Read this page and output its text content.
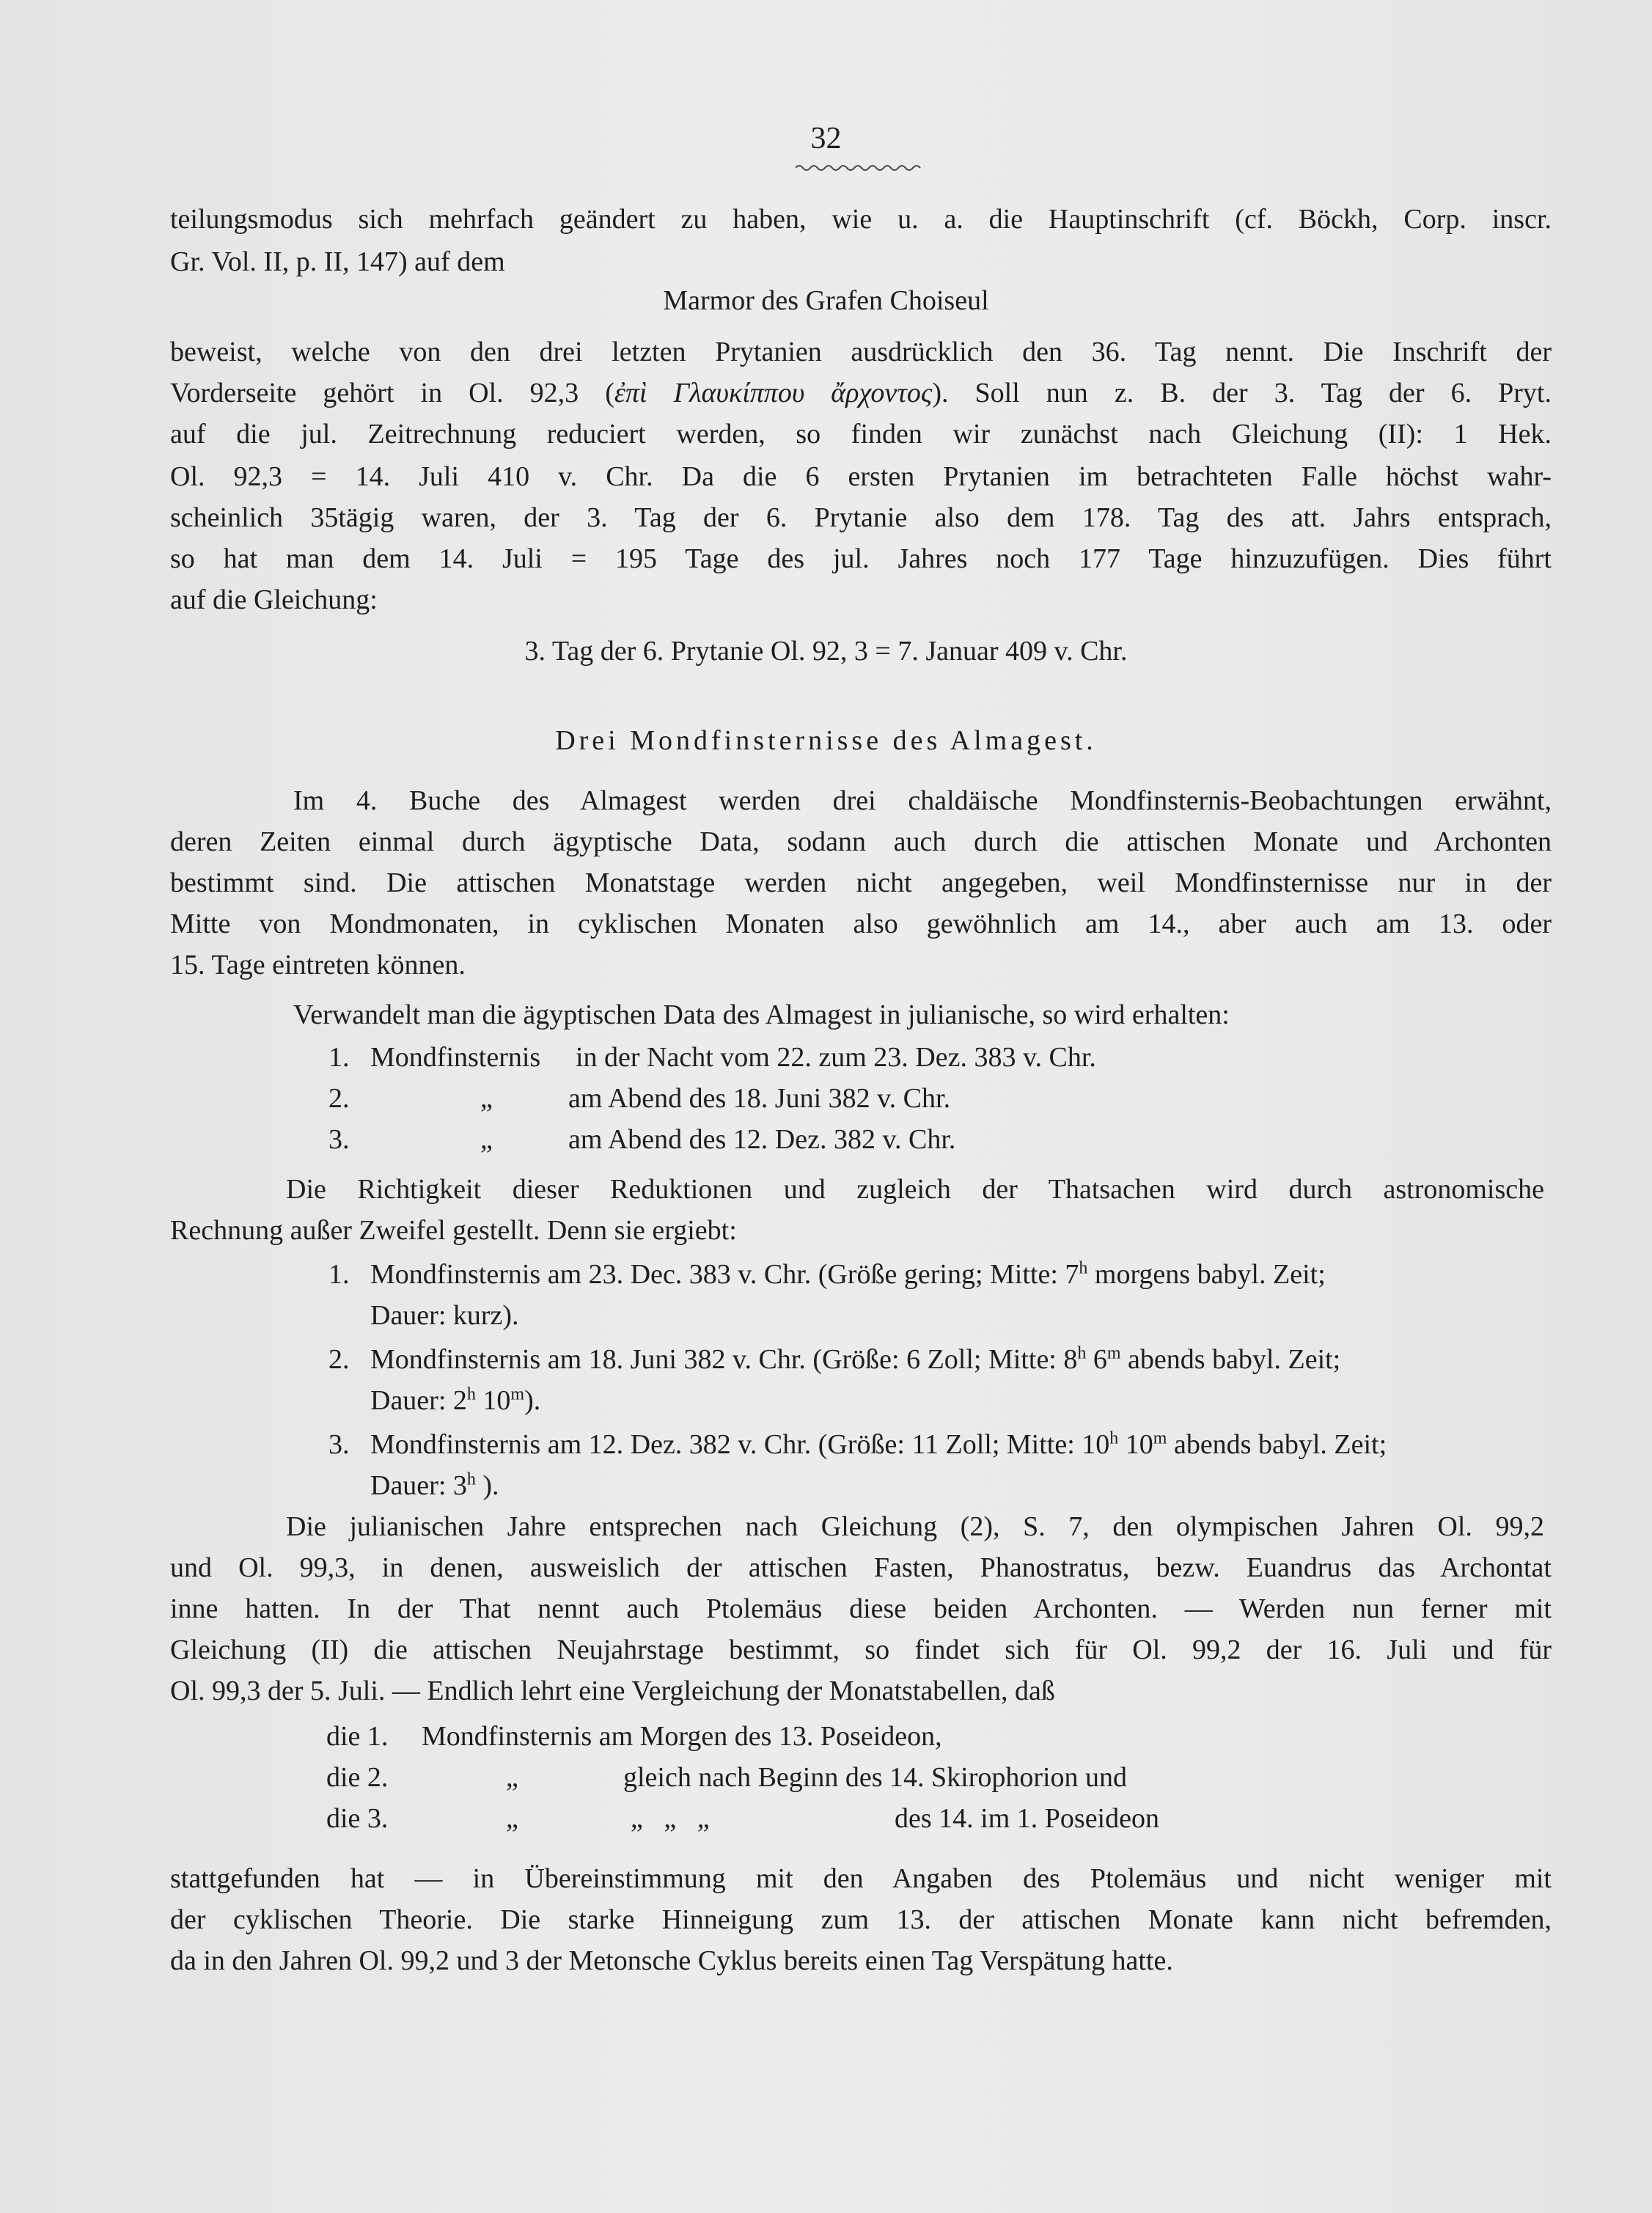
32
teilungsmodus sich mehrfach geändert zu haben, wie u. a. die Hauptinschrift (cf. Böckh, Corp. inscr.
Gr. Vol. II, p. II, 147) auf dem
Marmor des Grafen Choiseul
beweist, welche von den drei letzten Prytanien ausdrücklich den 36. Tag nennt. Die Inschrift der
Vorderseite gehört in Ol. 92,3 (ἐπὶ Γλαυκίππου ἄρχοντος). Soll nun z. B. der 3. Tag der 6. Pryt.
auf die jul. Zeitrechnung reduciert werden, so finden wir zunächst nach Gleichung (II): 1 Hek.
Ol. 92,3 = 14. Juli 410 v. Chr. Da die 6 ersten Prytanien im betrachteten Falle höchst wahr-
scheinlich 35tägig waren, der 3. Tag der 6. Prytanie also dem 178. Tag des att. Jahrs entsprach,
so hat man dem 14. Juli = 195 Tage des jul. Jahres noch 177 Tage hinzuzufügen. Dies führt
auf die Gleichung:
3. Tag der 6. Prytanie Ol. 92, 3 = 7. Januar 409 v. Chr.
Drei Mondfinsternisse des Almagest.
Im 4. Buche des Almagest werden drei chaldäische Mondfinsternis-Beobachtungen erwähnt,
deren Zeiten einmal durch ägyptische Data, sodann auch durch die attischen Monate und Archonten
bestimmt sind. Die attischen Monatstage werden nicht angegeben, weil Mondfinsternisse nur in der
Mitte von Mondmonaten, in cyklischen Monaten also gewöhnlich am 14., aber auch am 13. oder
15. Tage eintreten können.
Verwandelt man die ägyptischen Data des Almagest in julianische, so wird erhalten:
1. Mondfinsternis in der Nacht vom 22. zum 23. Dez. 383 v. Chr.
2.	„	am Abend des 18. Juni 382 v. Chr.
3.	„	am Abend des 12. Dez. 382 v. Chr.
Die Richtigkeit dieser Reduktionen und zugleich der Thatsachen wird durch astronomische
Rechnung außer Zweifel gestellt. Denn sie ergiebt:
1. Mondfinsternis am 23. Dec. 383 v. Chr. (Größe gering; Mitte: 7$^h$ morgens babyl. Zeit;
Dauer: kurz).
2. Mondfinsternis am 18. Juni 382 v. Chr. (Größe: 6 Zoll; Mitte: 8$^h$ 6$^m$ abends babyl. Zeit;
Dauer: 2$^h$ 10$^m$).
3. Mondfinsternis am 12. Dez. 382 v. Chr. (Größe: 11 Zoll; Mitte: 10$^h$ 10$^m$ abends babyl. Zeit;
Dauer: 3$^h$ ).
Die julianischen Jahre entsprechen nach Gleichung (2), S. 7, den olympischen Jahren Ol. 99,2
und Ol. 99,3, in denen, ausweislich der attischen Fasten, Phanostratus, bezw. Euandrus das Archontat
inne hatten. In der That nennt auch Ptolemäus diese beiden Archonten. — Werden nun ferner mit
Gleichung (II) die attischen Neujahrstage bestimmt, so findet sich für Ol. 99,2 der 16. Juli und für
Ol. 99,3 der 5. Juli. — Endlich lehrt eine Vergleichung der Monatstabellen, daß
die 1. Mondfinsternis am Morgen des 13. Poseideon,
die 2.	„	gleich nach Beginn des 14. Skirophorion und
die 3.	„	„   „   „	des 14. im 1. Poseideon
stattgefunden hat — in Übereinstimmung mit den Angaben des Ptolemäus und nicht weniger mit
der cyklischen Theorie. Die starke Hinneigung zum 13. der attischen Monate kann nicht befremden,
da in den Jahren Ol. 99,2 und 3 der Metonsche Cyklus bereits einen Tag Verspätung hatte.
